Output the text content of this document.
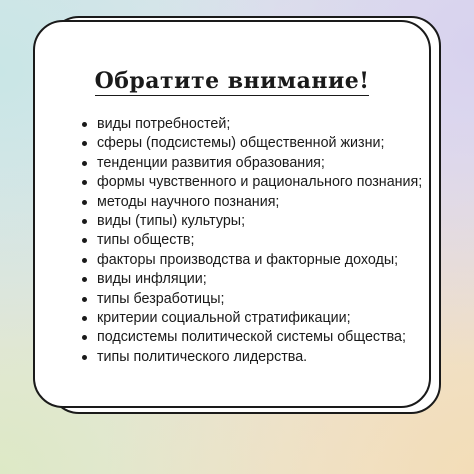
Обратите внимание!
виды потребностей;
сферы (подсистемы) общественной жизни;
тенденции развития образования;
формы чувственного и рационального познания;
методы научного познания;
виды (типы) культуры;
типы обществ;
факторы производства и факторные доходы;
виды инфляции;
типы безработицы;
критерии социальной стратификации;
подсистемы политической системы общества;
типы политического лидерства.
